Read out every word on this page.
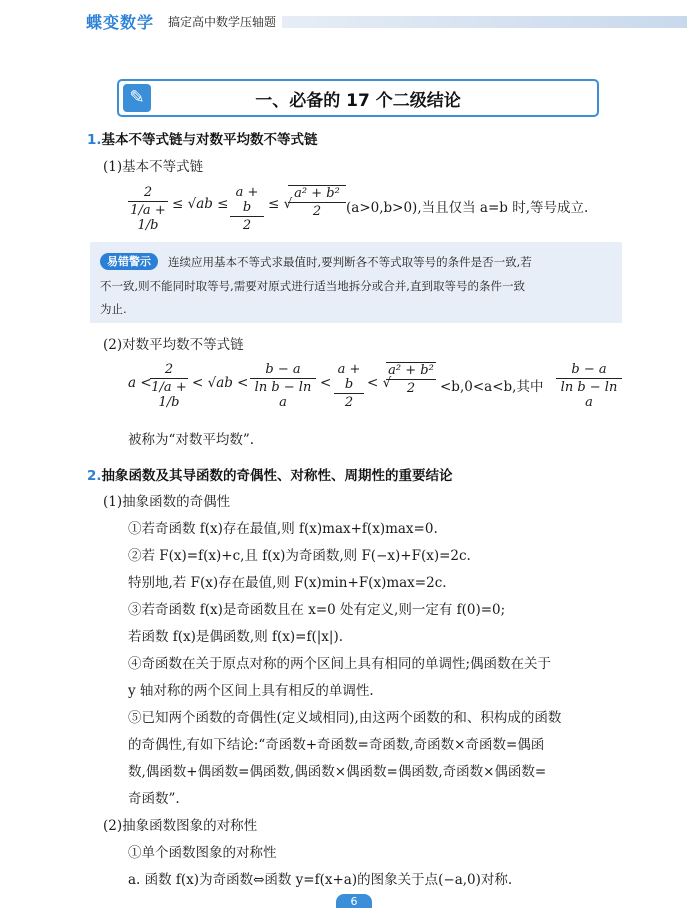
蝶变数学 搞定高中数学压轴题
✎	一、必备的 17 个二级结论
1.基本不等式链与对数平均数不等式链
(1)基本不等式链
2
1/a + 1/b
≤ √ab ≤
a + b
2
≤ √
a² + b²
2	(a>0,b>0),当且仅当 a=b 时,等号成立.
易错警示	连续应用基本不等式求最值时,要判断各不等式取等号的条件是否一致,若
不一致,则不能同时取等号,需要对原式进行适当地拆分或合并,直到取等号的条件一致
为止.
(2)对数平均数不等式链
a <
2
1/a + 1/b
< √ab <
b − a
ln b − ln a
<
a + b
2
< √
a² + b²
2	<b,0<a<b,其中
b − a
ln b − ln a
被称为“对数平均数”.
2.抽象函数及其导函数的奇偶性、对称性、周期性的重要结论
(1)抽象函数的奇偶性
①若奇函数 f(x)存在最值,则 f(x)max+f(x)max=0.
②若 F(x)=f(x)+c,且 f(x)为奇函数,则 F(−x)+F(x)=2c.
特别地,若 F(x)存在最值,则 F(x)min+F(x)max=2c.
③若奇函数 f(x)是奇函数且在 x=0 处有定义,则一定有 f(0)=0;
若函数 f(x)是偶函数,则 f(x)=f(|x|).
④奇函数在关于原点对称的两个区间上具有相同的单调性;偶函数在关于
y 轴对称的两个区间上具有相反的单调性.
⑤已知两个函数的奇偶性(定义域相同),由这两个函数的和、积构成的函数
的奇偶性,有如下结论:“奇函数+奇函数=奇函数,奇函数×奇函数=偶函
数,偶函数+偶函数=偶函数,偶函数×偶函数=偶函数,奇函数×偶函数=
奇函数”.
(2)抽象函数图象的对称性
①单个函数图象的对称性
a. 函数 f(x)为奇函数⇔函数 y=f(x+a)的图象关于点(−a,0)对称.
6
